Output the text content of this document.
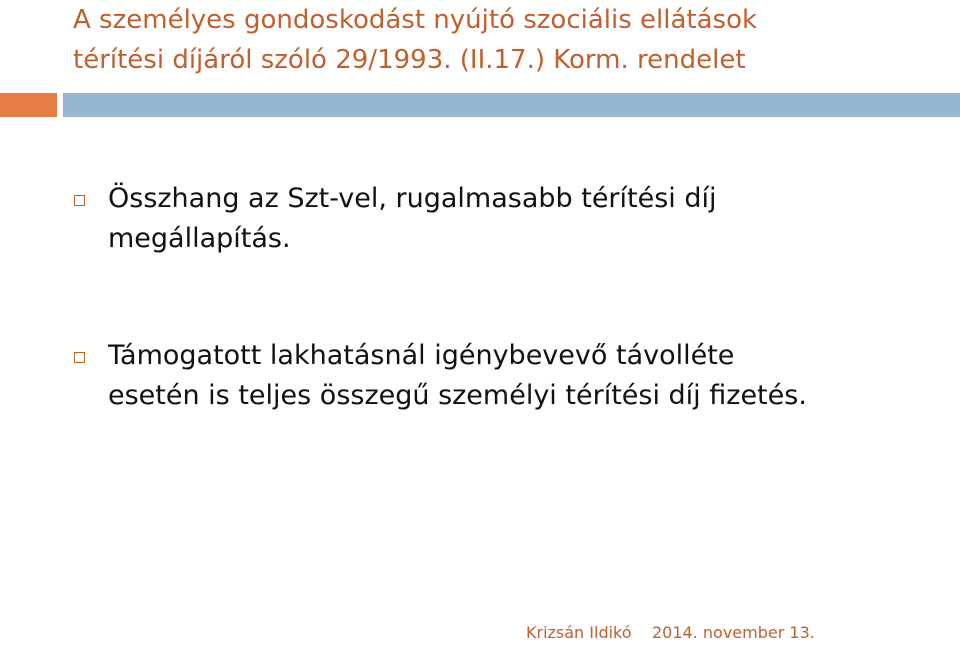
A személyes gondoskodást nyújtó szociális ellátások
térítési díjáról szóló 29/1993. (II.17.) Korm. rendelet
Összhang az Szt-vel, rugalmasabb térítési díj
megállapítás.
Támogatott lakhatásnál igénybevevő távolléte
esetén is teljes összegű személyi térítési díj fizetés.
Krizsán Ildikó 2014. november 13.
